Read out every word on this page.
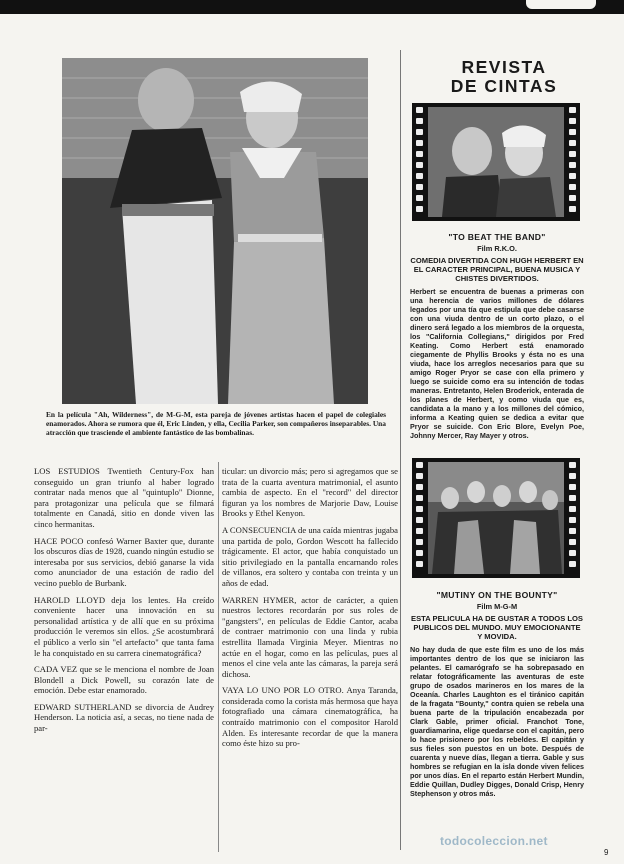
En la película "Ah, Wilderness", de M-G-M, esta pareja de jóvenes artistas hacen el papel de colegiales enamorados. Ahora se rumora que él, Eric Linden, y ella, Cecilia Parker, son compañeros inseparables. Una atracción que trasciende el ambiente fantástico de las bombalinas.

LOS ESTUDIOS Twentieth Century-Fox han conseguido un gran triunfo al haber logrado contratar nada menos que al "quintuplo" Dionne, para protagonizar una película que se filmará totalmente en Canadá, sitio en donde viven las cinco hermanitas.

HACE POCO confesó Warner Baxter que, durante los obscuros días de 1928, cuando ningún estudio se interesaba por sus servicios, debió ganarse la vida como anunciador de una estación de radio del vecino pueblo de Burbank.

HAROLD LLOYD deja los lentes. Ha creído conveniente hacer una innovación en su personalidad artística y de allí que en su próxima producción le veremos sin ellos. ¿Se acostumbrará el público a verlo sin "el artefacto" que tanta fama le ha conquistado en su carrera cinematográfica?

CADA VEZ que se le menciona el nombre de Joan Blondell a Dick Powell, su corazón late de emoción. Debe estar enamorado.

EDWARD SUTHERLAND se divorcia de Audrey Henderson. La noticia así, a secas, no tiene nada de par-

ticular: un divorcio más; pero si agregamos que se trata de la cuarta aventura matrimonial, el asunto cambia de aspecto. En el "record" del director figuran ya los nombres de Marjorie Daw, Louise Brooks y Ethel Kenyon.

A CONSECUENCIA de una caída mientras jugaba una partida de polo, Gordon Wescott ha fallecido trágicamente. El actor, que había conquistado un sitio privilegiado en la pantalla encarnando roles de villanos, era soltero y contaba con treinta y un años de edad.

WARREN HYMER, actor de carácter, a quien nuestros lectores recordarán por sus roles de "gangsters", en películas de Eddie Cantor, acaba de contraer matrimonio con una linda y rubia estrellita llamada Virginia Meyer. Mientras no actúe en el hogar, como en las películas, pues al menos el cine vela ante las cámaras, la pareja será dichosa.

VAYA LO UNO POR LO OTRO. Anya Taranda, considerada como la corista más hermosa que haya fotografiado una cámara cinematográfica, ha contraído matrimonio con el compositor Harold Alden. Es interesante recordar de que la manera como éste hizo su pro-

REVISTA
DE CINTAS
"TO BEAT THE BAND"
Film R.K.O.
COMEDIA DIVERTIDA CON HUGH HERBERT EN EL CARACTER PRINCIPAL, BUENA MUSICA Y CHISTES DIVERTIDOS.
Herbert se encuentra de buenas a primeras con una herencia de varios millones de dólares legados por una tía que estipula que debe casarse con una viuda dentro de un corto plazo, o el dinero será legado a los miembros de la orquesta, los "California Collegians," dirigidos por Fred Keating. Como Herbert está enamorado ciegamente de Phyllis Brooks y ésta no es una viuda, hace los arreglos necesarios para que su amigo Roger Pryor se case con ella primero y luego se suicide como era su intención de todas maneras. Entretanto, Helen Broderick, enterada de los planes de Herbert, y como viuda que es, candidata a la mano y a los millones del cómico, informa a Keating quien se dedica a evitar que Pryor se suicide. Con Eric Blore, Evelyn Poe, Johnny Mercer, Ray Mayer y otros.
"MUTINY ON THE BOUNTY"
Film M-G-M
ESTA PELICULA HA DE GUSTAR A TODOS LOS PUBLICOS DEL MUNDO. MUY EMOCIONANTE Y MOVIDA.
No hay duda de que este film es uno de los más importantes dentro de los que se iniciaron las pelantes. El camarógrafo se ha sobrepasado en relatar fotográficamente las aventuras de este grupo de osados marineros en los mares de la Oceanía. Charles Laughton es el tiránico capitán de la fragata "Bounty," contra quien se rebela una buena parte de la tripulación encabezada por Clark Gable, primer oficial. Franchot Tone, guardiamarina, elige quedarse con el capitán, pero lo hace prisionero por los rebeldes. El capitán y sus fieles son puestos en un bote. Después de cuarenta y nueve días, llegan a tierra. Gable y sus hombres se refugian en la isla donde viven felices por unos días. En el reparto están Herbert Mundin, Eddie Quillan, Dudley Digges, Donald Crisp, Henry Stephenson y otros más.
todocoleccion.net
9
